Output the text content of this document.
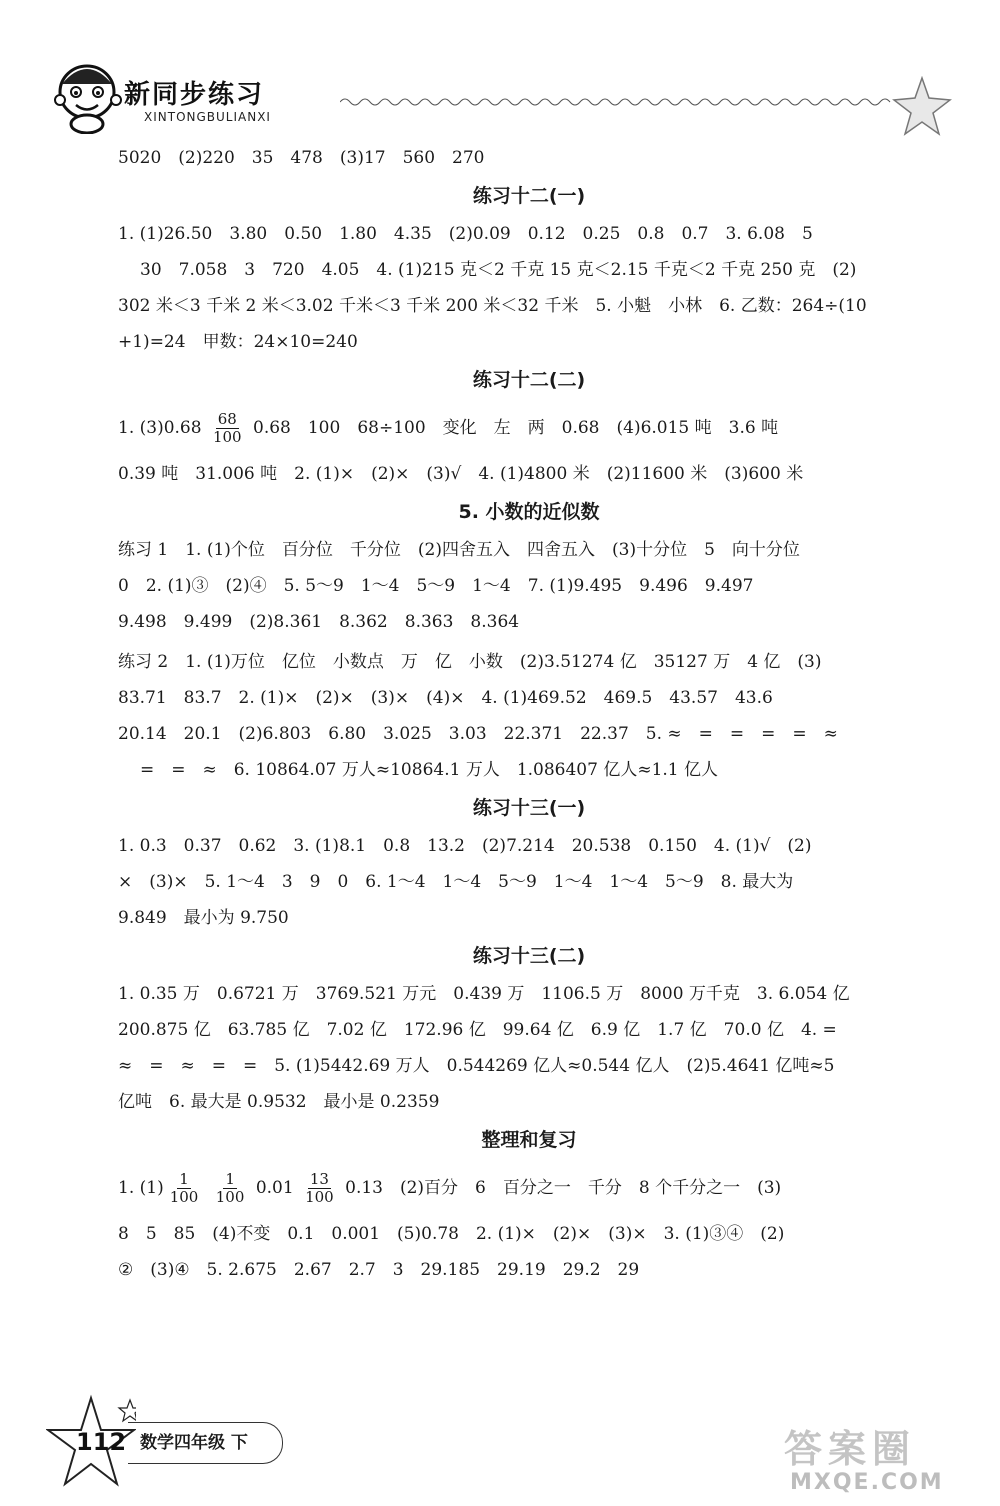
新同步练习
XINTONGBULIANXI
5020　(2)220　35　478　(3)17　560　270
练习十二(一)
1. (1)26.50　3.80　0.50　1.80　4.35　(2)0.09　0.12　0.25　0.8　0.7　3. 6.08　5
30　7.058　3　720　4.05　4. (1)215 克＜2 千克 15 克＜2.15 千克＜2 千克 250 克　(2)
302 米＜3 千米 2 米＜3.02 千米＜3 千米 200 米＜32 千米　5. 小魁　小林　6. 乙数：264÷(10
+1)=24　甲数：24×10=240
练习十二(二)
1. $(3)0.68 \frac{68}{100} 0.68$　100　68÷100　变化　左　两　0.68　(4)6.015 吨　3.6 吨
0.39 吨　31.006 吨　2. (1)×　(2)×　(3)√　4. (1)4800 米　(2)11600 米　(3)600 米
5. 小数的近似数
练习 1　1. (1)个位　百分位　千分位　(2)四舍五入　四舍五入　(3)十分位　5　向十分位
0　2. (1)③　(2)④　5. 5～9　1～4　5～9　1～4　7. (1)9.495　9.496　9.497
9.498　9.499　(2)8.361　8.362　8.363　8.364
练习 2　1. (1)万位　亿位　小数点　万　亿　小数　(2)3.51274 亿　35127 万　4 亿　(3)
83.71　83.7　2. (1)×　(2)×　(3)×　(4)×　4. (1)469.52　469.5　43.57　43.6
20.14　20.1　(2)6.803　6.80　3.025　3.03　22.371　22.37　5. ≈　=　=　=　=　≈
=　=　≈　6. 10864.07 万人≈10864.1 万人　1.086407 亿人≈1.1 亿人
练习十三(一)
1. 0.3　0.37　0.62　3. (1)8.1　0.8　13.2　(2)7.214　20.538　0.150　4. (1)√　(2)
×　(3)×　5. 1～4　3　9　0　6. 1～4　1～4　5～9　1～4　1～4　5～9　8. 最大为
9.849　最小为 9.750
练习十三(二)
1. 0.35 万　0.6721 万　3769.521 万元　0.439 万　1106.5 万　8000 万千克　3. 6.054 亿
200.875 亿　63.785 亿　7.02 亿　172.96 亿　99.64 亿　6.9 亿　1.7 亿　70.0 亿　4. =
≈　=　≈　=　=　5. (1)5442.69 万人　0.544269 亿人≈0.544 亿人　(2)5.4641 亿吨≈5
亿吨　6. 最大是 0.9532　最小是 0.2359
整理和复习
1. $(1) \frac{1}{100}$
$\frac{1}{100} 0.01 \frac{13}{100} 0.13$　(2)百分　6　百分之一　千分　8 个千分之一　(3)
8　5　85　(4)不变　0.1　0.001　(5)0.78　2. (1)×　(2)×　(3)×　3. (1)③④　(2)
②　(3)④　5. 2.675　2.67　2.7　3　29.185　29.19　29.2　29
112 数学四年级 下	答案圈
MXQE.COM
